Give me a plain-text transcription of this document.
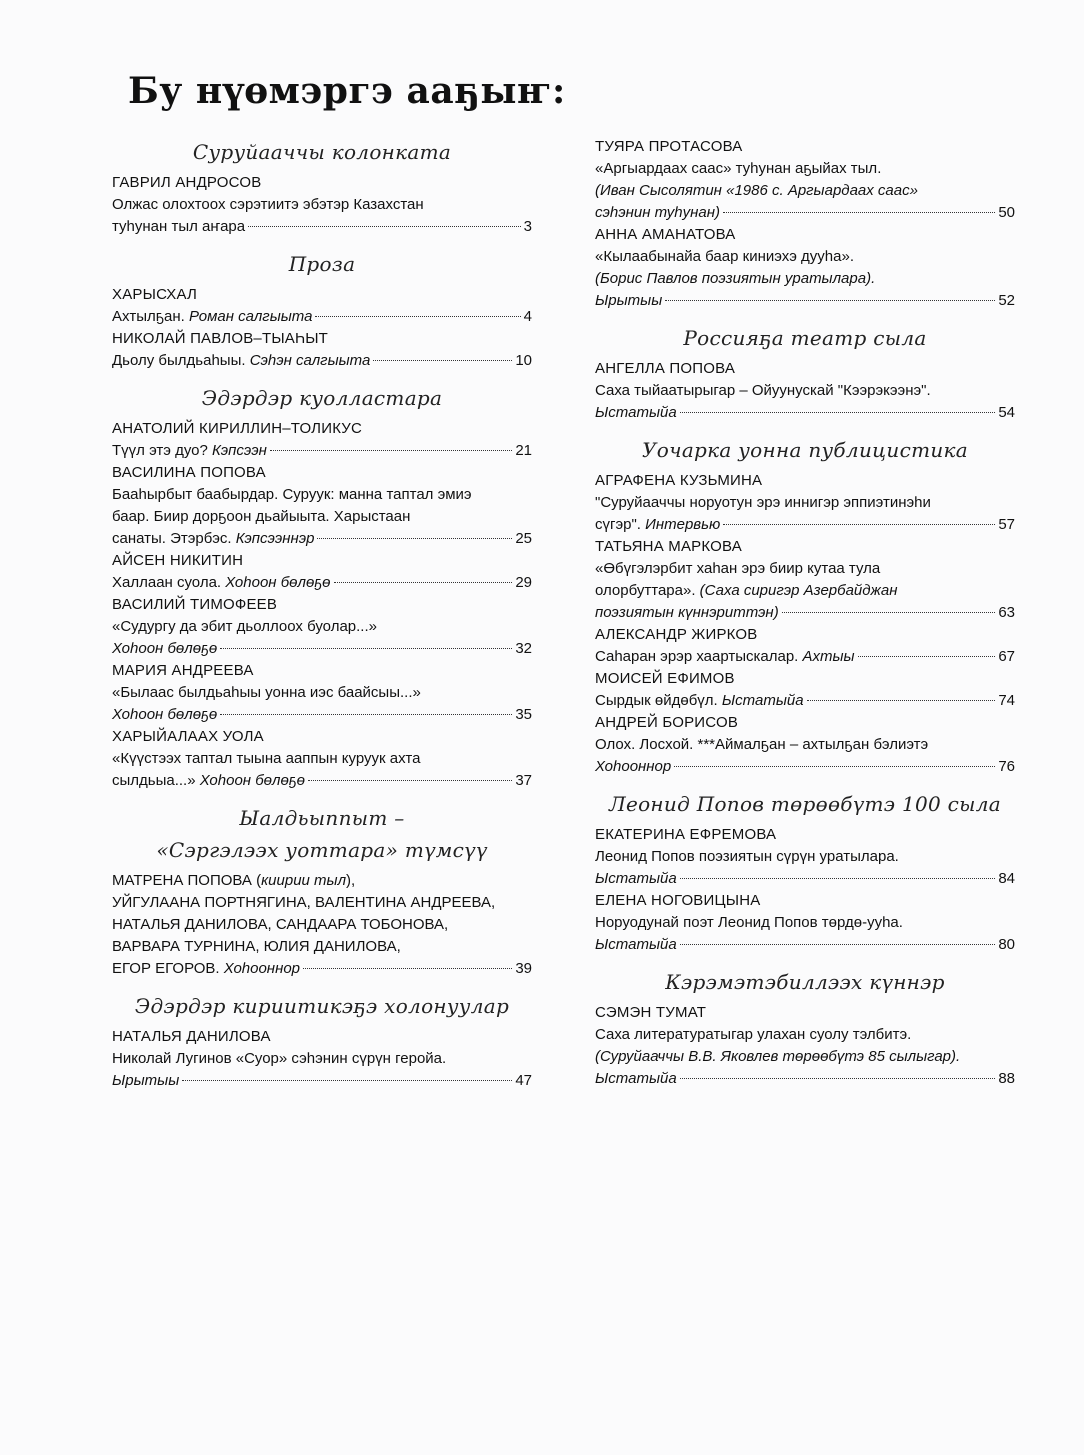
Бу нүөмэргэ ааҕыҥ:
Суруйааччы колонката
ГАВРИЛ АНДРОСОВ
Олжас олохтоох сэрэтиитэ эбэтэр Казахстан
туһунан тыл аҥара	3
Проза
ХАРЫСХАЛ
Ахтылҕан. Роман салгыыта	4
НИКОЛАЙ ПАВЛОВ–ТЫАҺЫТ
Дьолу былдьаһыы. Сэһэн салгыыта	10
Эдэрдэр куолластара
АНАТОЛИЙ КИРИЛЛИН–ТОЛИКУС
Түүл этэ дуо? Кэпсээн	21
ВАСИЛИНА ПОПОВА
Бааһырбыт баабырдар. Суруук: манна таптал эмиэ
баар. Биир дорҕоон дьайыыта. Харыстаан
санаты. Этэрбэс. Кэпсээннэр	25
АЙСЕН НИКИТИН
Халлаан суола. Хоһоон бөлөҕө	29
ВАСИЛИЙ ТИМОФЕЕВ
«Судургу да эбит дьоллоох буолар...»
Хоһоон бөлөҕө	32
МАРИЯ АНДРЕЕВА
«Былаас былдьаһыы уонна иэс баайсыы...»
Хоһоон бөлөҕө	35
ХАРЫЙАЛААХ УОЛА
«Күүстээх таптал тыына ааппын куруук ахта
сылдьыа...» Хоһоон бөлөҕө	37
Ыалдьыппыт –
«Сэргэлээх уоттара» түмсүү
МАТРЕНА ПОПОВА (киирии тыл),
УЙГУЛААНА ПОРТНЯГИНА, ВАЛЕНТИНА АНДРЕЕВА,
НАТАЛЬЯ ДАНИЛОВА, САНДААРА ТОБОНОВА,
ВАРВАРА ТУРНИНА, ЮЛИЯ ДАНИЛОВА,
ЕГОР ЕГОРОВ. Хоһооннор	39
Эдэрдэр кириитикэҕэ холонуулар
НАТАЛЬЯ ДАНИЛОВА
Николай Лугинов «Суор» сэһэнин сүрүн геройа.
Ырытыы	47
ТУЯРА ПРОТАСОВА
«Аргыардаах саас» туһунан аҕыйах тыл.
(Иван Сысолятин «1986 с. Аргыардаах саас»
сэһэнин туһунан)	50
АННА АМАНАТОВА
«Кылаабынайа баар киниэхэ дууһа».
(Борис Павлов поэзиятын уратылара).
Ырытыы	52
Россияҕа театр сыла
АНГЕЛЛА ПОПОВА
Саха тыйаатырыгар – Ойуунускай "Кээрэкээнэ".
Ыстатыйа	54
Уочарка уонна публицистика
АГРАФЕНА КУЗЬМИНА
"Суруйааччы норуотун эрэ иннигэр эппиэтинэһи
сүгэр". Интервью	57
ТАТЬЯНА МАРКОВА
«Өбүгэлэрбит хаһан эрэ биир кутаа тула
олорбуттара». (Саха сиригэр Азербайджан
поэзиятын күннэриттэн)	63
АЛЕКСАНДР ЖИРКОВ
Саһаран эрэр хаартыскалар. Ахтыы	67
МОИСЕЙ ЕФИМОВ
Сырдык өйдөбүл. Ыстатыйа	74
АНДРЕЙ БОРИСОВ
Олох. Лосхой. ***Аймалҕан – ахтылҕан бэлиэтэ
Хоһооннор	76
Леонид Попов төрөөбүтэ 100 сыла
ЕКАТЕРИНА ЕФРЕМОВА
Леонид Попов поэзиятын сүрүн уратылара.
Ыстатыйа	84
ЕЛЕНА НОГОВИЦЫНА
Норуодунай поэт Леонид Попов төрдө-ууһа.
Ыстатыйа	80
Кэрэмэтэбиллээх күннэр
СЭМЭН ТУМАТ
Саха литературатыгар улахан суолу тэлбитэ.
(Суруйааччы В.В. Яковлев төрөөбүтэ 85 сылыгар).
Ыстатыйа	88
